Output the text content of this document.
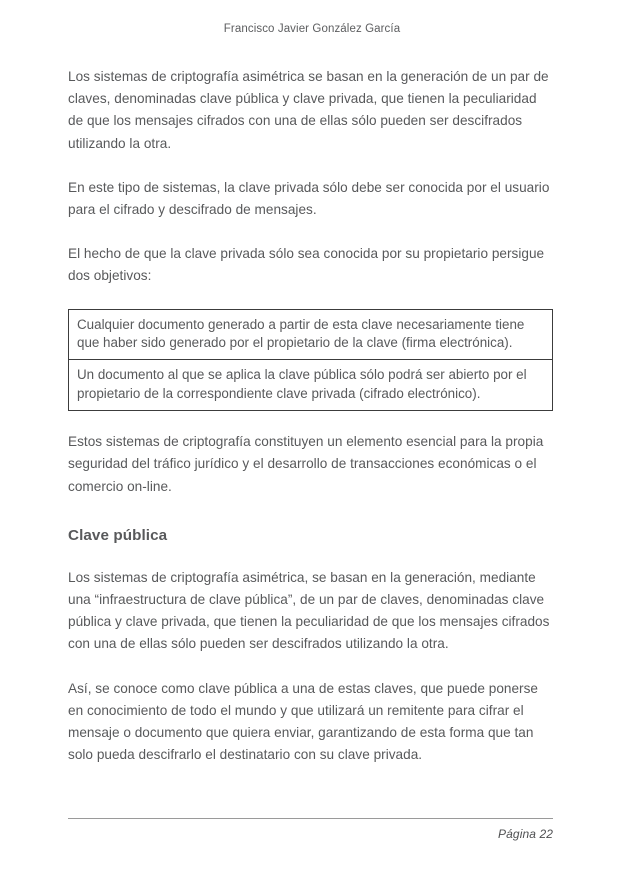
Francisco Javier González García

Los sistemas de criptografía asimétrica se basan en la generación de un par de claves, denominadas clave pública y clave privada, que tienen la peculiaridad de que los mensajes cifrados con una de ellas sólo pueden ser descifrados utilizando la otra.

En este tipo de sistemas, la clave privada sólo debe ser conocida por el usuario para el cifrado y descifrado de mensajes.

El hecho de que la clave privada sólo sea conocida por su propietario persigue dos objetivos:

Cualquier documento generado a partir de esta clave necesariamente tiene que haber sido generado por el propietario de la clave (firma electrónica).
Un documento al que se aplica la clave pública sólo podrá ser abierto por el propietario de la correspondiente clave privada (cifrado electrónico).

Estos sistemas de criptografía constituyen un elemento esencial para la propia seguridad del tráfico jurídico y el desarrollo de transacciones económicas o el comercio on-line.

Clave pública

Los sistemas de criptografía asimétrica, se basan en la generación, mediante una “infraestructura de clave pública”, de un par de claves, denominadas clave pública y clave privada, que tienen la peculiaridad de que los mensajes cifrados con una de ellas sólo pueden ser descifrados utilizando la otra.

Así, se conoce como clave pública a una de estas claves, que puede ponerse en conocimiento de todo el mundo y que utilizará un remitente para cifrar el mensaje o documento que quiera enviar, garantizando de esta forma que tan solo pueda descifrarlo el destinatario con su clave privada.

Página 22
